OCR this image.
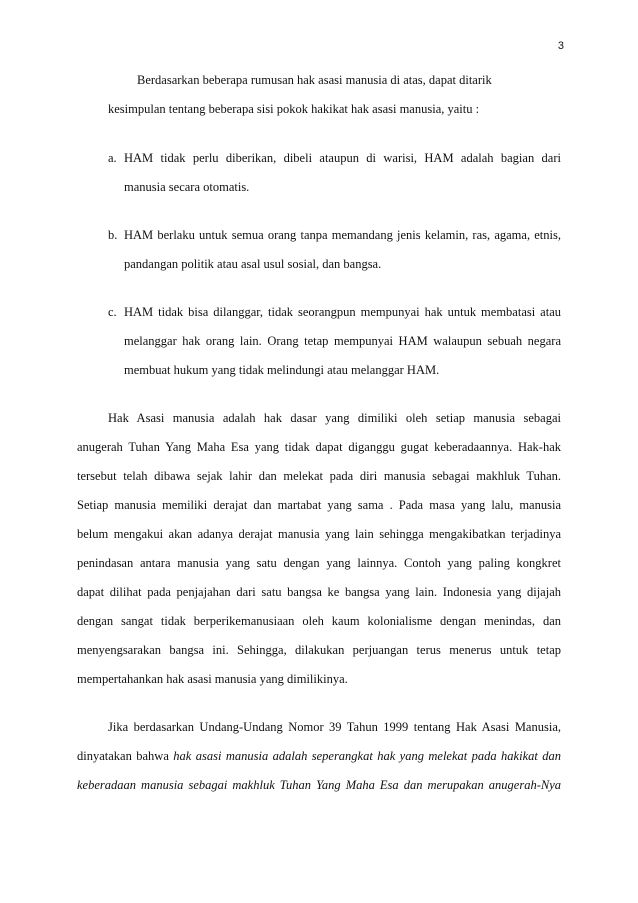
3
Berdasarkan beberapa rumusan hak asasi manusia di atas, dapat ditarik
kesimpulan tentang beberapa sisi pokok hakikat hak asasi manusia, yaitu :
a. HAM tidak perlu diberikan, dibeli ataupun di warisi, HAM adalah bagian dari
manusia secara otomatis.
b. HAM berlaku untuk semua orang tanpa memandang jenis kelamin, ras, agama, etnis,
pandangan politik atau asal usul sosial, dan bangsa.
c. HAM tidak bisa dilanggar, tidak seorangpun mempunyai hak untuk membatasi atau
melanggar hak orang lain. Orang tetap mempunyai HAM walaupun sebuah negara
membuat hukum yang tidak melindungi atau melanggar HAM.
Hak Asasi manusia adalah hak dasar yang dimiliki oleh setiap manusia sebagai
anugerah Tuhan Yang Maha Esa yang tidak dapat diganggu gugat keberadaannya. Hak-hak
tersebut telah dibawa sejak lahir dan melekat pada diri manusia sebagai makhluk Tuhan.
Setiap manusia memiliki derajat dan martabat yang sama . Pada masa yang lalu, manusia
belum mengakui akan adanya derajat manusia yang lain sehingga mengakibatkan terjadinya
penindasan antara manusia yang satu dengan yang lainnya. Contoh yang paling kongkret
dapat dilihat pada penjajahan dari satu bangsa ke bangsa yang lain. Indonesia yang dijajah
dengan sangat tidak berperikemanusiaan oleh kaum kolonialisme dengan menindas, dan
menyengsarakan bangsa ini. Sehingga, dilakukan perjuangan terus menerus untuk tetap
mempertahankan hak asasi manusia yang dimilikinya.
Jika berdasarkan Undang-Undang Nomor 39 Tahun 1999 tentang Hak Asasi Manusia,
dinyatakan bahwa hak asasi manusia adalah seperangkat hak yang melekat pada hakikat dan
keberadaan manusia sebagai makhluk Tuhan Yang Maha Esa dan merupakan anugerah-Nya
